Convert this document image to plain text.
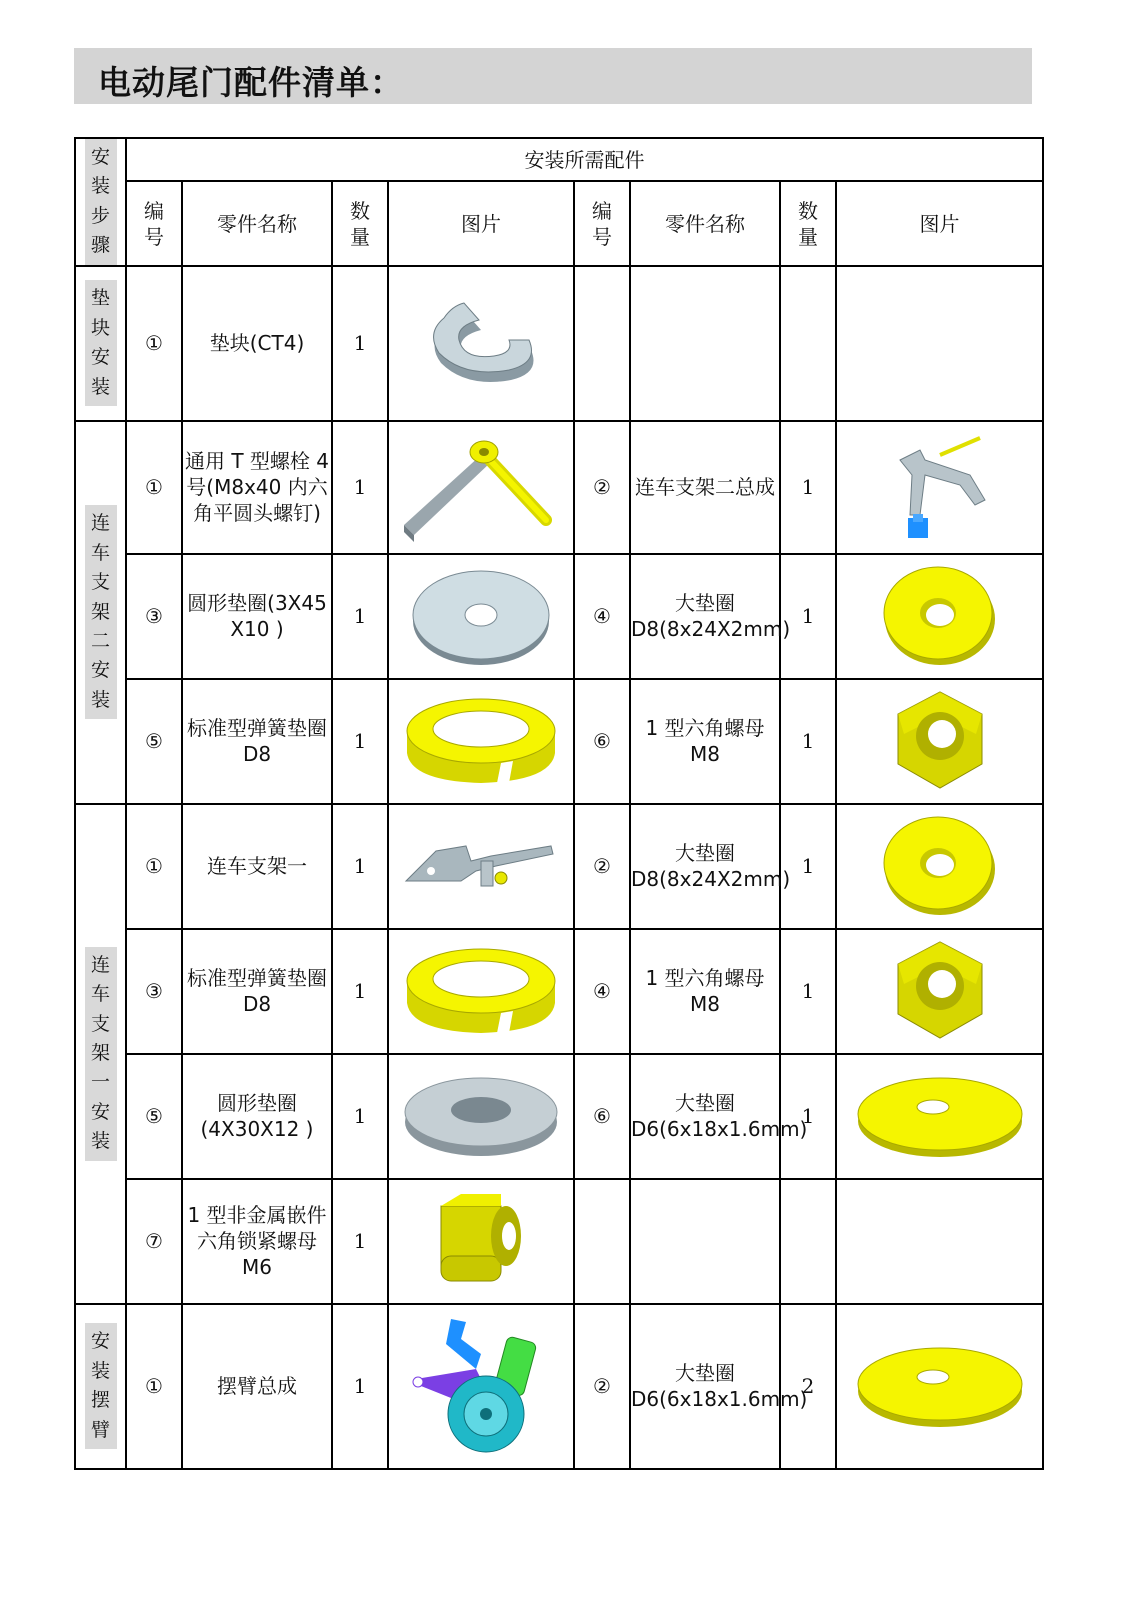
电动尾门配件清单：
安装步骤	安装所需配件							

	编号	零件名称	数量	图片	编号	零件名称	数量	图片
垫块安装	①	垫块(CT4)	1	

连车支架二安装	①	通用 T 型螺栓 4 号(M8x40 内六角平圆头螺钉)	1		②	连车支架二总成	1	

	③	圆形垫圈(3X45 X10 )	1		④	大垫圈D8(8x24X2mm)	1	

	⑤	标准型弹簧垫圈 D8	1		⑥	1 型六角螺母 M8	1	

连车支架一安装	①	连车支架一	1		②	大垫圈D8(8x24X2mm)	1	

	③	标准型弹簧垫圈 D8	1		④	1 型六角螺母 M8	1	

	⑤	圆形垫圈(4X30X12 )	1		⑥	大垫圈D6(6x18x1.6mm)	1	

	⑦	1 型非金属嵌件六角锁紧螺母 M6	1	

安装摆臂	①	摆臂总成	1		②	大垫圈D6(6x18x1.6mm)	2	
